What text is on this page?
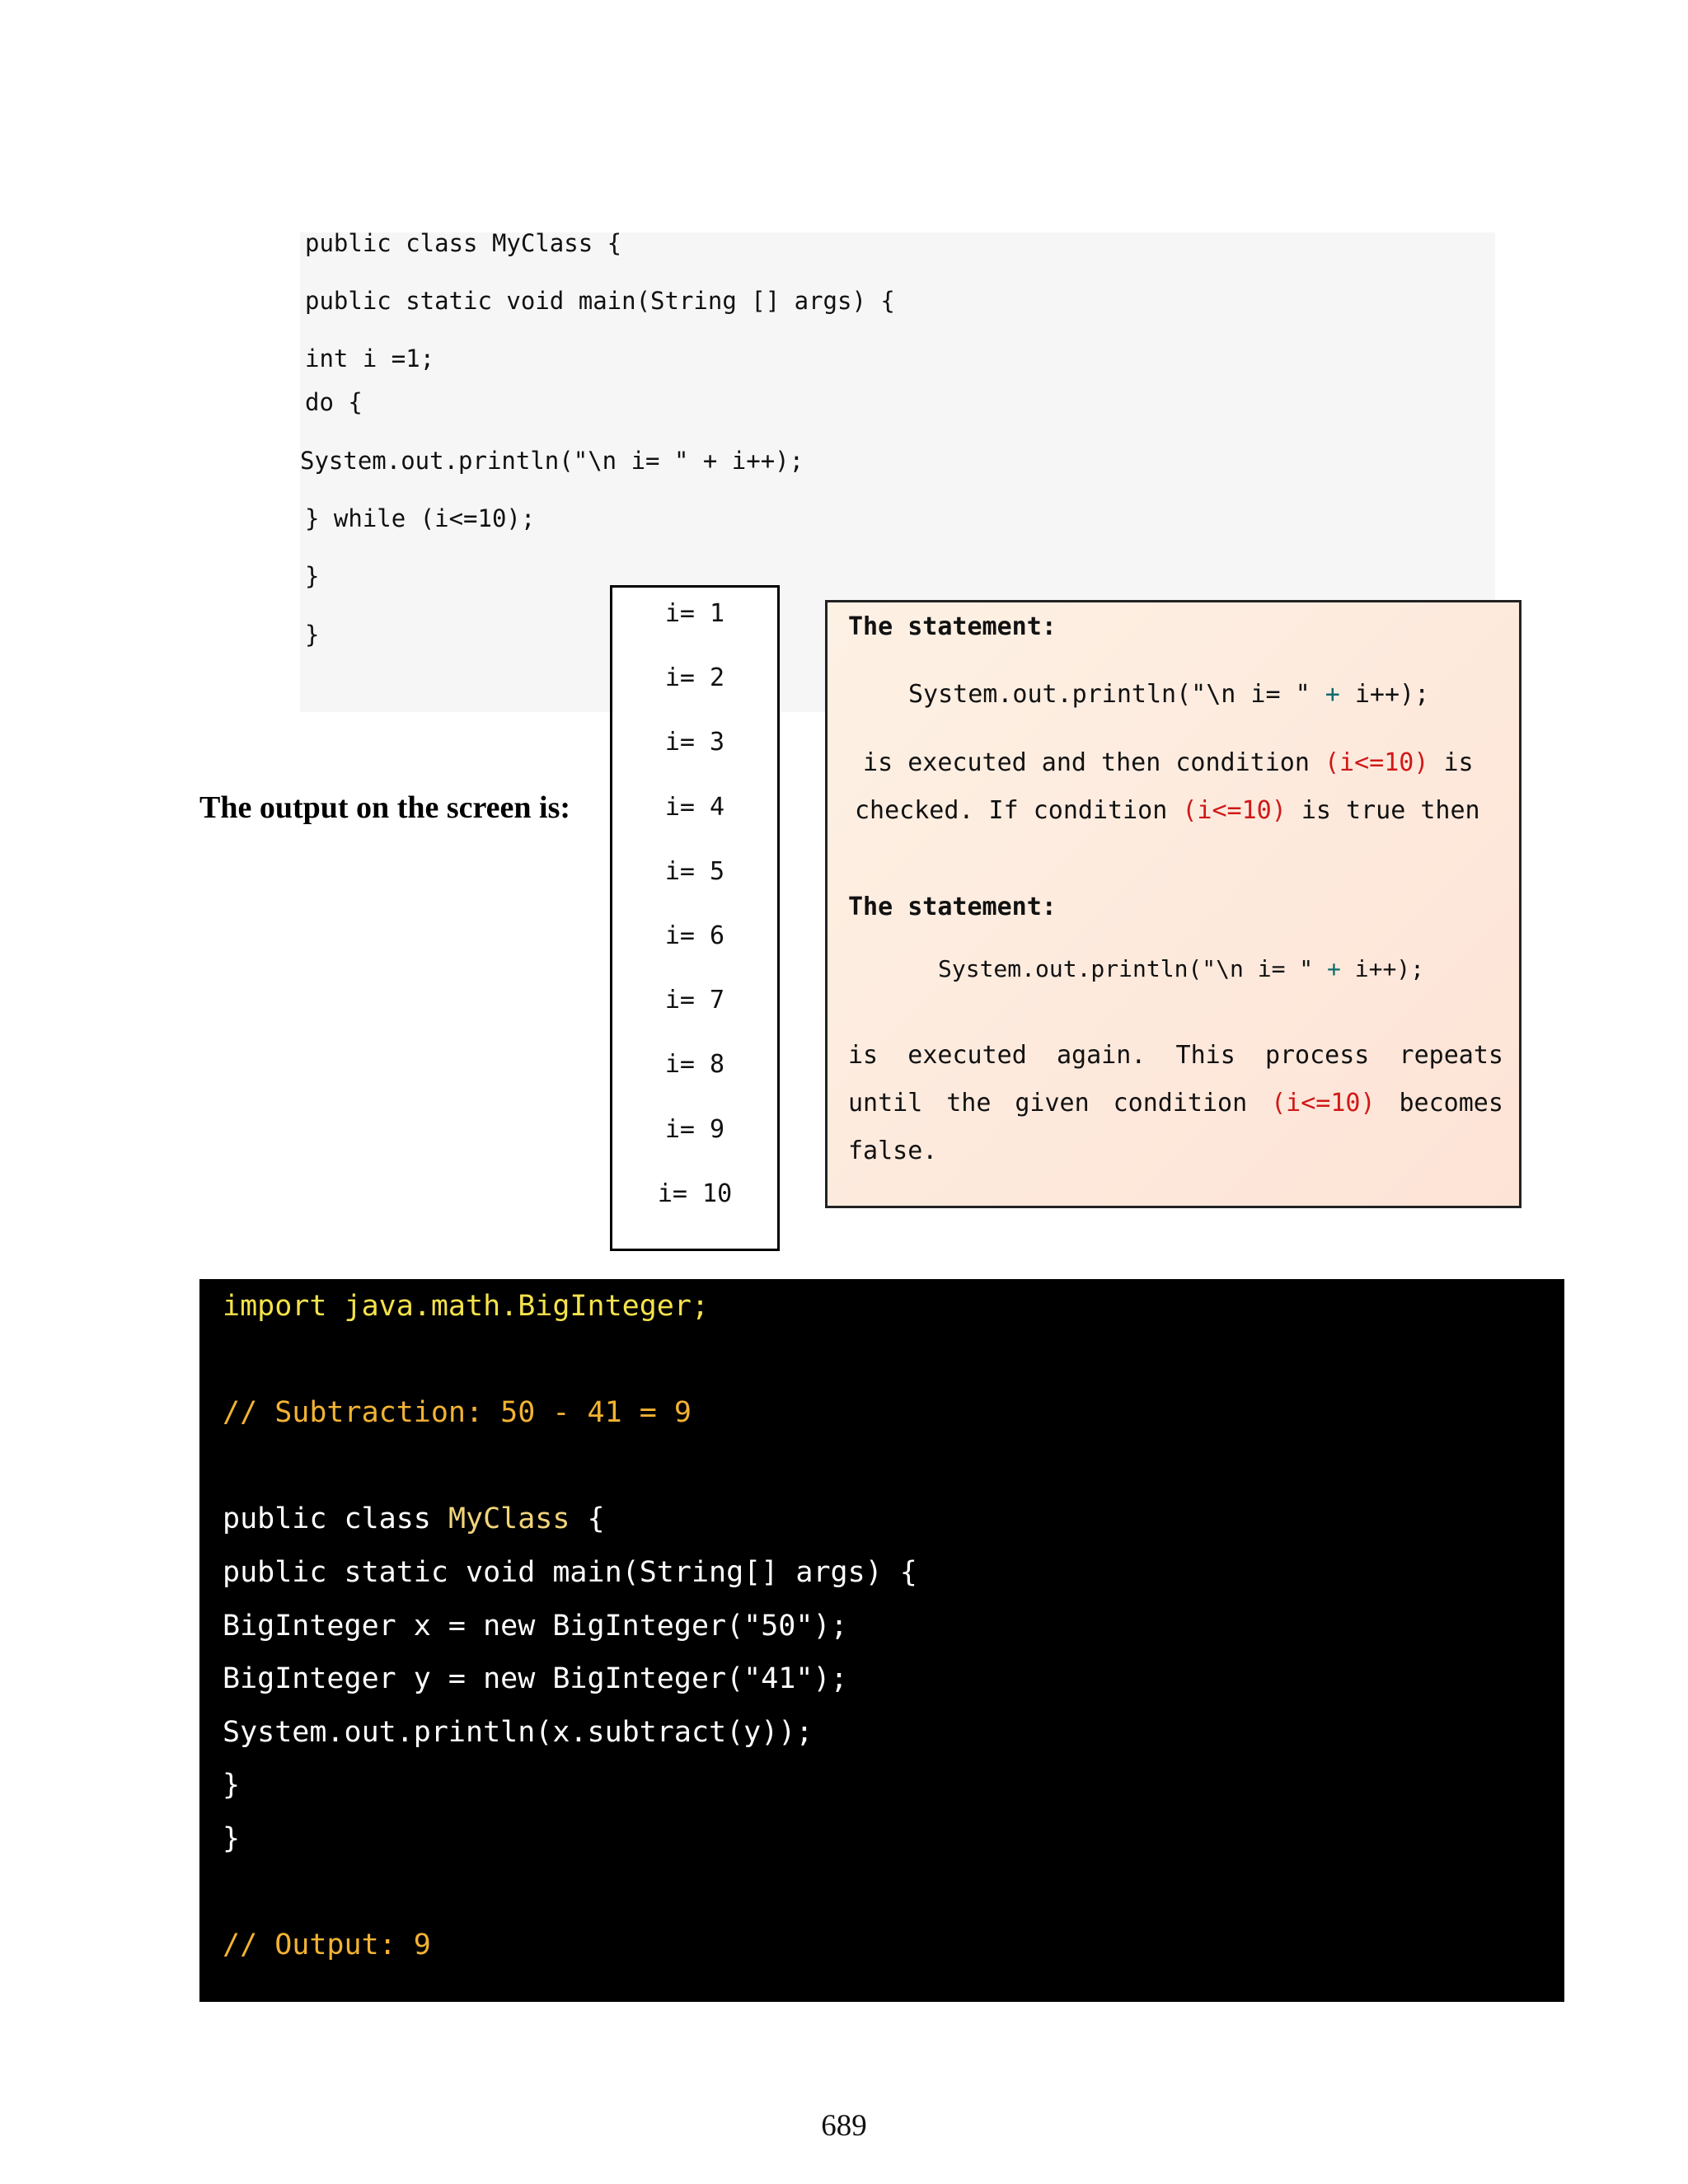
public class MyClass {
public static void main(String [] args) {
int i =1;
do {
System.out.println("\n i= " + i++);
} while (i<=10);
}
}
The output on the screen is:
i= 1
i= 2
i= 3
i= 4
i= 5
i= 6
i= 7
i= 8
i= 9
i= 10
The statement:
System.out.println("\n i= " + i++);
is executed and then condition (i<=10) is
checked. If condition (i<=10) is true then
The statement:
System.out.println("\n i= " + i++);
is executed again. This process repeats
until the given condition (i<=10) becomes
false.
import java.math.BigInteger;
// Subtraction: 50 - 41 = 9
public class MyClass {
public static void main(String[] args) {
BigInteger x = new BigInteger("50");
BigInteger y = new BigInteger("41");
System.out.println(x.subtract(y));
}
}
// Output: 9
689
